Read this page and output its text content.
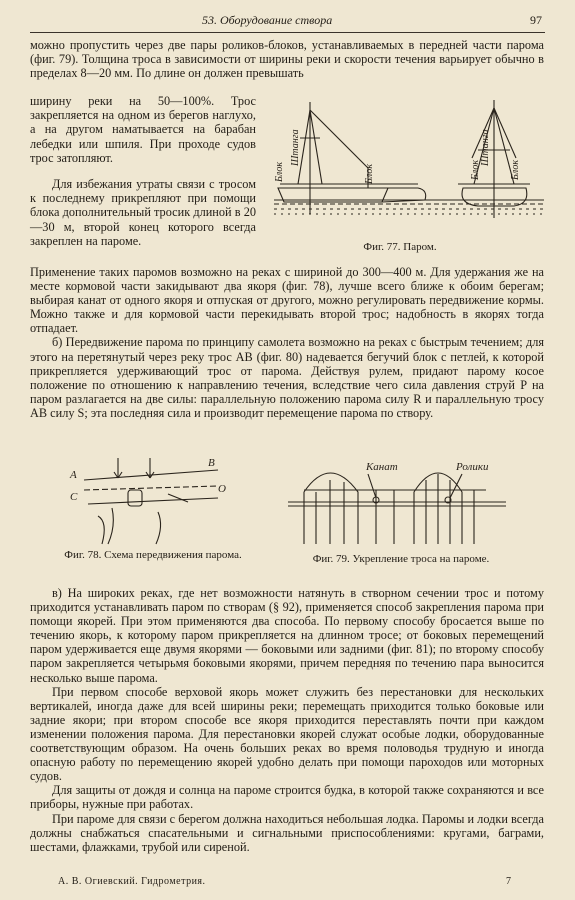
53. Оборудование створа	97

можно пропустить через две пары роликов-блоков, устанавливаемых в передней части парома (фиг. 79). Толщина троса в зависимости от ширины реки и скорости течения варьирует обычно в пределах 8—20 мм. По длине он должен превышать

ширину реки на 50—100%. Трос закрепляется на одном из берегов наглухо, а на другом наматывается на барабан лебедки или шпиля. При проходе судов трос затопляют.

Для избежания утраты связи с тросом к последнему прикрепляют при помощи блока дополнительный тросик длиной в 20—30 м, второй конец которого всегда закреплен на пароме.

Штанга	Штанга
Блок	Блок	Блок	Блок
Фиг. 77. Паром.

Применение таких паромов возможно на реках с шириной до 300—400 м. Для удержания же на месте кормовой части закидывают два якоря (фиг. 78), лучше всего ближе к обоим берегам; выбирая канат от одного якоря и отпуская от другого, можно регулировать передвижение кормы. Можно также и для кормовой части перекидывать второй трос; надобность в якорях тогда отпадает.

б) Передвижение парома по принципу самолета возможно на реках с быстрым течением; для этого на перетянутый через реку трос AB (фиг. 80) надевается бегучий блок с петлей, к которой прикрепляется удерживающий трос от парома. Действуя рулем, придают парому косое положение по отношению к направлению течения, вследствие чего сила давления струй P на паром разлагается на две силы: параллельную положению парома силу R и параллельную тросу AB силу S; эта последняя сила и производит перемещение парома по створу.

А
В
С
О
Фиг. 78. Схема передвижения парома.
Канат	Ролики
Фиг. 79. Укрепление троса на пароме.

в) На широких реках, где нет возможности натянуть в створном сечении трос и потому приходится устанавливать паром по створам (§ 92), применяется способ закрепления парома при помощи якорей. При этом применяются два способа. По первому способу бросается выше по течению якорь, к которому паром прикрепляется на длинном тросе; от боковых перемещений паром удерживается еще двумя якорями — боковыми или задними (фиг. 81); по второму способу паром закрепляется четырьмя боковыми якорями, причем передняя по течению пара выносится несколько выше парома.

При первом способе верховой якорь может служить без перестановки для нескольких вертикалей, иногда даже для всей ширины реки; перемещать приходится только боковые или задние якори; при втором способе все якоря приходится переставлять почти при каждом изменении положения парома. Для перестановки якорей служат особые лодки, оборудованные соответствующим образом. На очень больших реках во время половодья трудную и иногда опасную работу по перемещению якорей удобно делать при помощи пароходов или моторных судов.

Для защиты от дождя и солнца на пароме строится будка, в которой также сохраняются и все приборы, нужные при работах.

При пароме для связи с берегом должна находиться небольшая лодка. Паромы и лодки всегда должны снабжаться спасательными и сигнальными приспособлениями: кругами, баграми, шестами, флажками, трубой или сиреной.

А. В. Огиевский. Гидрометрия.	7
